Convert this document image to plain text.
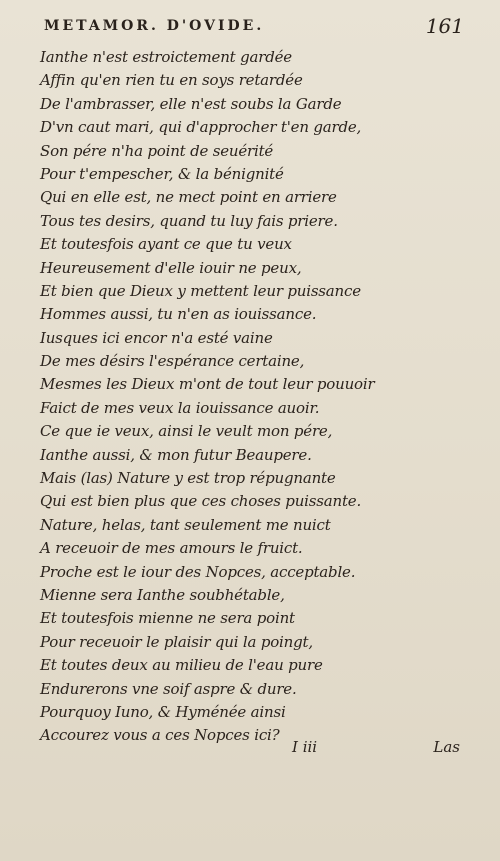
METAMOR. D'OVIDE.	161
Ianthe n'est estroictement gardée
Affin qu'en rien tu en soys retardée
De l'ambrasser, elle n'est soubs la Garde
D'vn caut mari, qui d'approcher t'en garde,
Son pére n'ha point de seuérité
Pour t'empescher, & la bénignité
Qui en elle est, ne mect point en arriere
Tous tes desirs, quand tu luy fais priere.
Et toutesfois ayant ce que tu veux
Heureusement d'elle iouir ne peux,
Et bien que Dieux y mettent leur puissance
Hommes aussi, tu n'en as iouissance.
Iusques ici encor n'a esté vaine
De mes désirs l'espérance certaine,
Mesmes les Dieux m'ont de tout leur pouuoir
Faict de mes veux la iouissance auoir.
Ce que ie veux, ainsi le veult mon pére,
Ianthe aussi, & mon futur Beaupere.
Mais (las) Nature y est trop répugnante
Qui est bien plus que ces choses puissante.
Nature, helas, tant seulement me nuict
A receuoir de mes amours le fruict.
Proche est le iour des Nopces, acceptable.
Mienne sera Ianthe soubhétable,
Et toutesfois mienne ne sera point
Pour receuoir le plaisir qui la poingt,
Et toutes deux au milieu de l'eau pure
Endurerons vne soif aspre & dure.
Pourquoy Iuno, & Hyménée ainsi
Accourez vous a ces Nopces ici?
I iii	Las
